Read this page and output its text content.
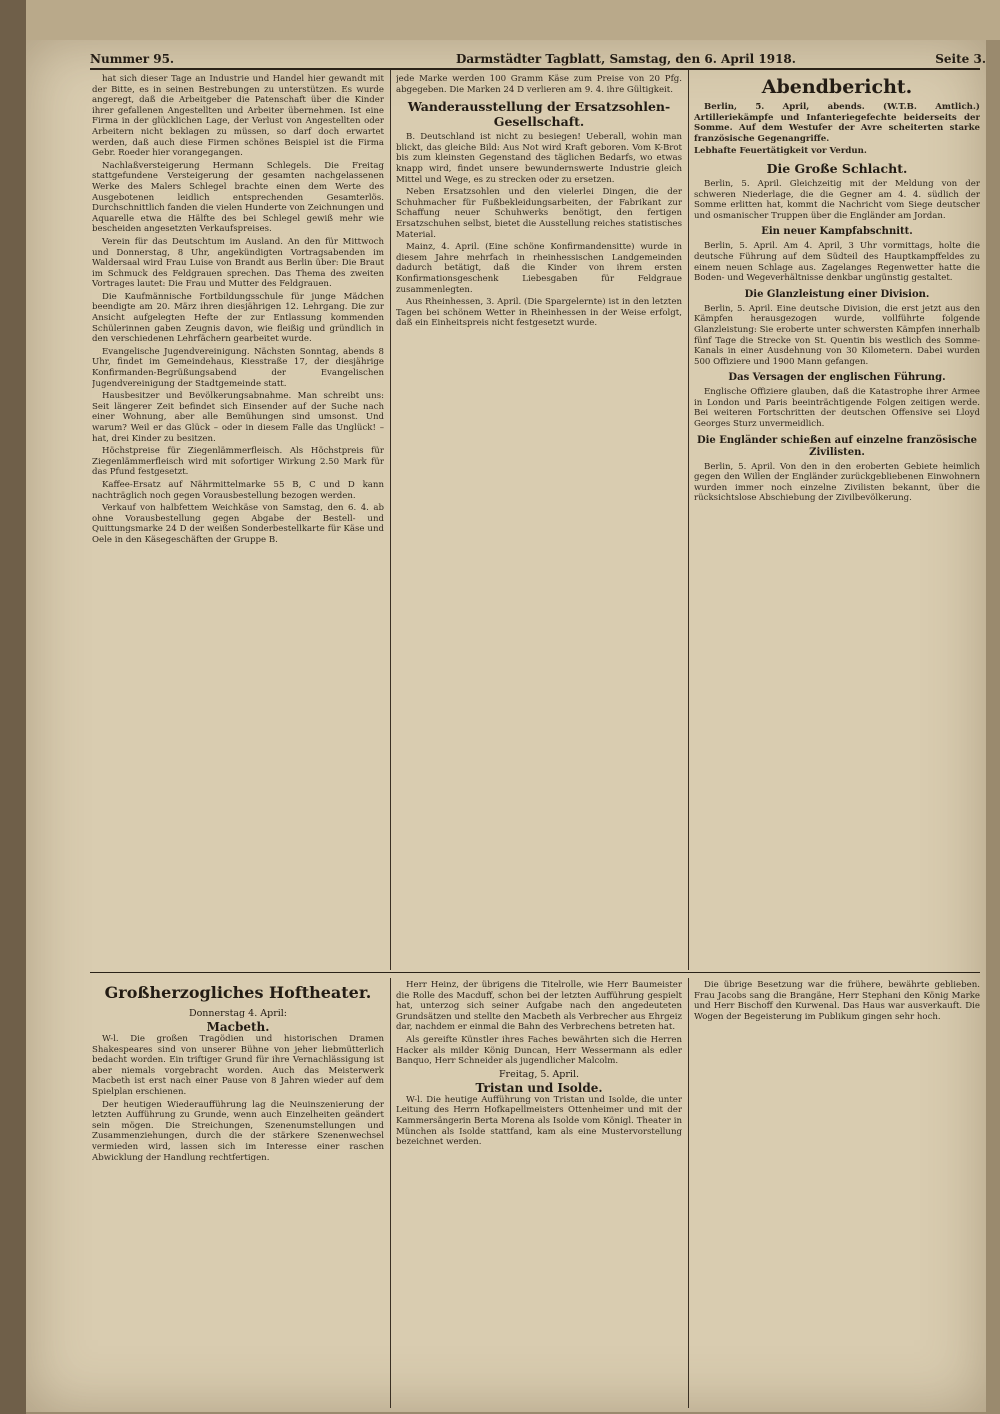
Nummer 95.	Darmstädter Tagblatt, Samstag, den 6. April 1918.	Seite 3.

hat sich dieser Tage an Industrie und Handel hier gewandt mit der Bitte, es in seinen Bestrebungen zu unterstützen. Es wurde angeregt, daß die Arbeitgeber die Patenschaft über die Kinder ihrer gefallenen Angestellten und Arbeiter übernehmen. Ist eine Firma in der glücklichen Lage, der Verlust von Angestellten oder Arbeitern nicht beklagen zu müssen, so darf doch erwartet werden, daß auch diese Firmen schönes Beispiel ist die Firma Gebr. Roeder hier vorangegangen.

Nachlaßversteigerung Hermann Schlegels. Die Freitag stattgefundene Versteigerung der gesamten nachgelassenen Werke des Malers Schlegel brachte einen dem Werte des Ausgebotenen leidlich entsprechenden Gesamterlös. Durchschnittlich fanden die vielen Hunderte von Zeichnungen und Aquarelle etwa die Hälfte des bei Schlegel gewiß mehr wie bescheiden angesetzten Verkaufspreises.

Verein für das Deutschtum im Ausland. An den für Mittwoch und Donnerstag, 8 Uhr, angekündigten Vortragsabenden im Waldersaal wird Frau Luise von Brandt aus Berlin über: Die Braut im Schmuck des Feldgrauen sprechen. Das Thema des zweiten Vortrages lautet: Die Frau und Mutter des Feldgrauen.

Die Kaufmännische Fortbildungsschule für junge Mädchen beendigte am 20. März ihren diesjährigen 12. Lehrgang. Die zur Ansicht aufgelegten Hefte der zur Entlassung kommenden Schülerinnen gaben Zeugnis davon, wie fleißig und gründlich in den verschiedenen Lehrfächern gearbeitet wurde.

Evangelische Jugendvereinigung. Nächsten Sonntag, abends 8 Uhr, findet im Gemeindehaus, Kiesstraße 17, der diesjährige Konfirmanden-Begrüßungsabend der Evangelischen Jugendvereinigung der Stadtgemeinde statt.

Hausbesitzer und Bevölkerungsabnahme. Man schreibt uns: Seit längerer Zeit befindet sich Einsender auf der Suche nach einer Wohnung, aber alle Bemühungen sind umsonst. Und warum? Weil er das Glück – oder in diesem Falle das Unglück! – hat, drei Kinder zu besitzen.

Höchstpreise für Ziegenlämmerfleisch. Als Höchstpreis für Ziegenlämmerfleisch wird mit sofortiger Wirkung 2.50 Mark für das Pfund festgesetzt.

Kaffee-Ersatz auf Nährmittelmarke 55 B, C und D kann nachträglich noch gegen Vorausbestellung bezogen werden.

Verkauf von halbfettem Weichkäse von Samstag, den 6. 4. ab ohne Vorausbestellung gegen Abgabe der Bestell- und Quittungsmarke 24 D der weißen Sonderbestellkarte für Käse und Oele in den Käsegeschäften der Gruppe B.

jede Marke werden 100 Gramm Käse zum Preise von 20 Pfg. abgegeben. Die Marken 24 D verlieren am 9. 4. ihre Gültigkeit.

Wanderausstellung der Ersatzsohlen-Gesellschaft.

B. Deutschland ist nicht zu besiegen! Ueberall, wohin man blickt, das gleiche Bild: Aus Not wird Kraft geboren. Vom K-Brot bis zum kleinsten Gegenstand des täglichen Bedarfs, wo etwas knapp wird, findet unsere bewundernswerte Industrie gleich Mittel und Wege, es zu strecken oder zu ersetzen.

Neben Ersatzsohlen und den vielerlei Dingen, die der Schuhmacher für Fußbekleidungsarbeiten, der Fabrikant zur Schaffung neuer Schuhwerks benötigt, den fertigen Ersatzschuhen selbst, bietet die Ausstellung reiches statistisches Material.

Mainz, 4. April. (Eine schöne Konfirmandensitte) wurde in diesem Jahre mehrfach in rheinhessischen Landgemeinden dadurch betätigt, daß die Kinder von ihrem ersten Konfirmationsgeschenk Liebesgaben für Feldgraue zusammenlegten.

Aus Rheinhessen, 3. April. (Die Spargelernte) ist in den letzten Tagen bei schönem Wetter in Rheinhessen in der Weise erfolgt, daß ein Einheitspreis nicht festgesetzt wurde.

Abendbericht.

Berlin, 5. April, abends. (W.T.B. Amtlich.) Artilleriekämpfe und Infanteriegefechte beiderseits der Somme. Auf dem Westufer der Avre scheiterten starke französische Gegenangriffe.

Lebhafte Feuertätigkeit vor Verdun.

Die Große Schlacht.

Berlin, 5. April. Gleichzeitig mit der Meldung von der schweren Niederlage, die die Gegner am 4. 4. südlich der Somme erlitten hat, kommt die Nachricht vom Siege deutscher und osmanischer Truppen über die Engländer am Jordan.

Ein neuer Kampfabschnitt.

Berlin, 5. April. Am 4. April, 3 Uhr vormittags, holte die deutsche Führung auf dem Südteil des Hauptkampffeldes zu einem neuen Schlage aus. Zagelanges Regenwetter hatte die Boden- und Wegeverhältnisse denkbar ungünstig gestaltet.

Die Glanzleistung einer Division.

Berlin, 5. April. Eine deutsche Division, die erst jetzt aus den Kämpfen herausgezogen wurde, vollführte folgende Glanzleistung: Sie eroberte unter schwersten Kämpfen innerhalb fünf Tage die Strecke von St. Quentin bis westlich des Somme-Kanals in einer Ausdehnung von 30 Kilometern. Dabei wurden 500 Offiziere und 1900 Mann gefangen.

Das Versagen der englischen Führung.

Englische Offiziere glauben, daß die Katastrophe ihrer Armee in London und Paris beeinträchtigende Folgen zeitigen werde. Bei weiteren Fortschritten der deutschen Offensive sei Lloyd Georges Sturz unvermeidlich.

Die Engländer schießen auf einzelne französische Zivilisten.

Berlin, 5. April. Von den in den eroberten Gebiete heimlich gegen den Willen der Engländer zurückgebliebenen Einwohnern wurden immer noch einzelne Zivilisten bekannt, über die rücksichtslose Abschiebung der Zivilbevölkerung.

Großherzogliches Hoftheater.
Donnerstag 4. April:
Macbeth.

W-l. Die großen Tragödien und historischen Dramen Shakespeares sind von unserer Bühne von jeher liebmütterlich bedacht worden. Ein triftiger Grund für ihre Vernachlässigung ist aber niemals vorgebracht worden. Auch das Meisterwerk Macbeth ist erst nach einer Pause von 8 Jahren wieder auf dem Spielplan erschienen.

Der heutigen Wiederaufführung lag die Neuinszenierung der letzten Aufführung zu Grunde, wenn auch Einzelheiten geändert sein mögen. Die Streichungen, Szenenumstellungen und Zusammenziehungen, durch die der stärkere Szenenwechsel vermieden wird, lassen sich im Interesse einer raschen Abwicklung der Handlung rechtfertigen.

Herr Heinz, der übrigens die Titelrolle, wie Herr Baumeister die Rolle des Macduff, schon bei der letzten Aufführung gespielt hat, unterzog sich seiner Aufgabe nach den angedeuteten Grundsätzen und stellte den Macbeth als Verbrecher aus Ehrgeiz dar, nachdem er einmal die Bahn des Verbrechens betreten hat.

Als gereifte Künstler ihres Faches bewährten sich die Herren Hacker als milder König Duncan, Herr Wessermann als edler Banquo, Herr Schneider als jugendlicher Malcolm.

Freitag, 5. April.
Tristan und Isolde.

W-l. Die heutige Aufführung von Tristan und Isolde, die unter Leitung des Herrn Hofkapellmeisters Ottenheimer und mit der Kammersängerin Berta Morena als Isolde vom Königl. Theater in München als Isolde stattfand, kam als eine Mustervorstellung bezeichnet werden.

Die übrige Besetzung war die frühere, bewährte geblieben. Frau Jacobs sang die Brangäne, Herr Stephani den König Marke und Herr Bischoff den Kurwenal. Das Haus war ausverkauft. Die Wogen der Begeisterung im Publikum gingen sehr hoch.
